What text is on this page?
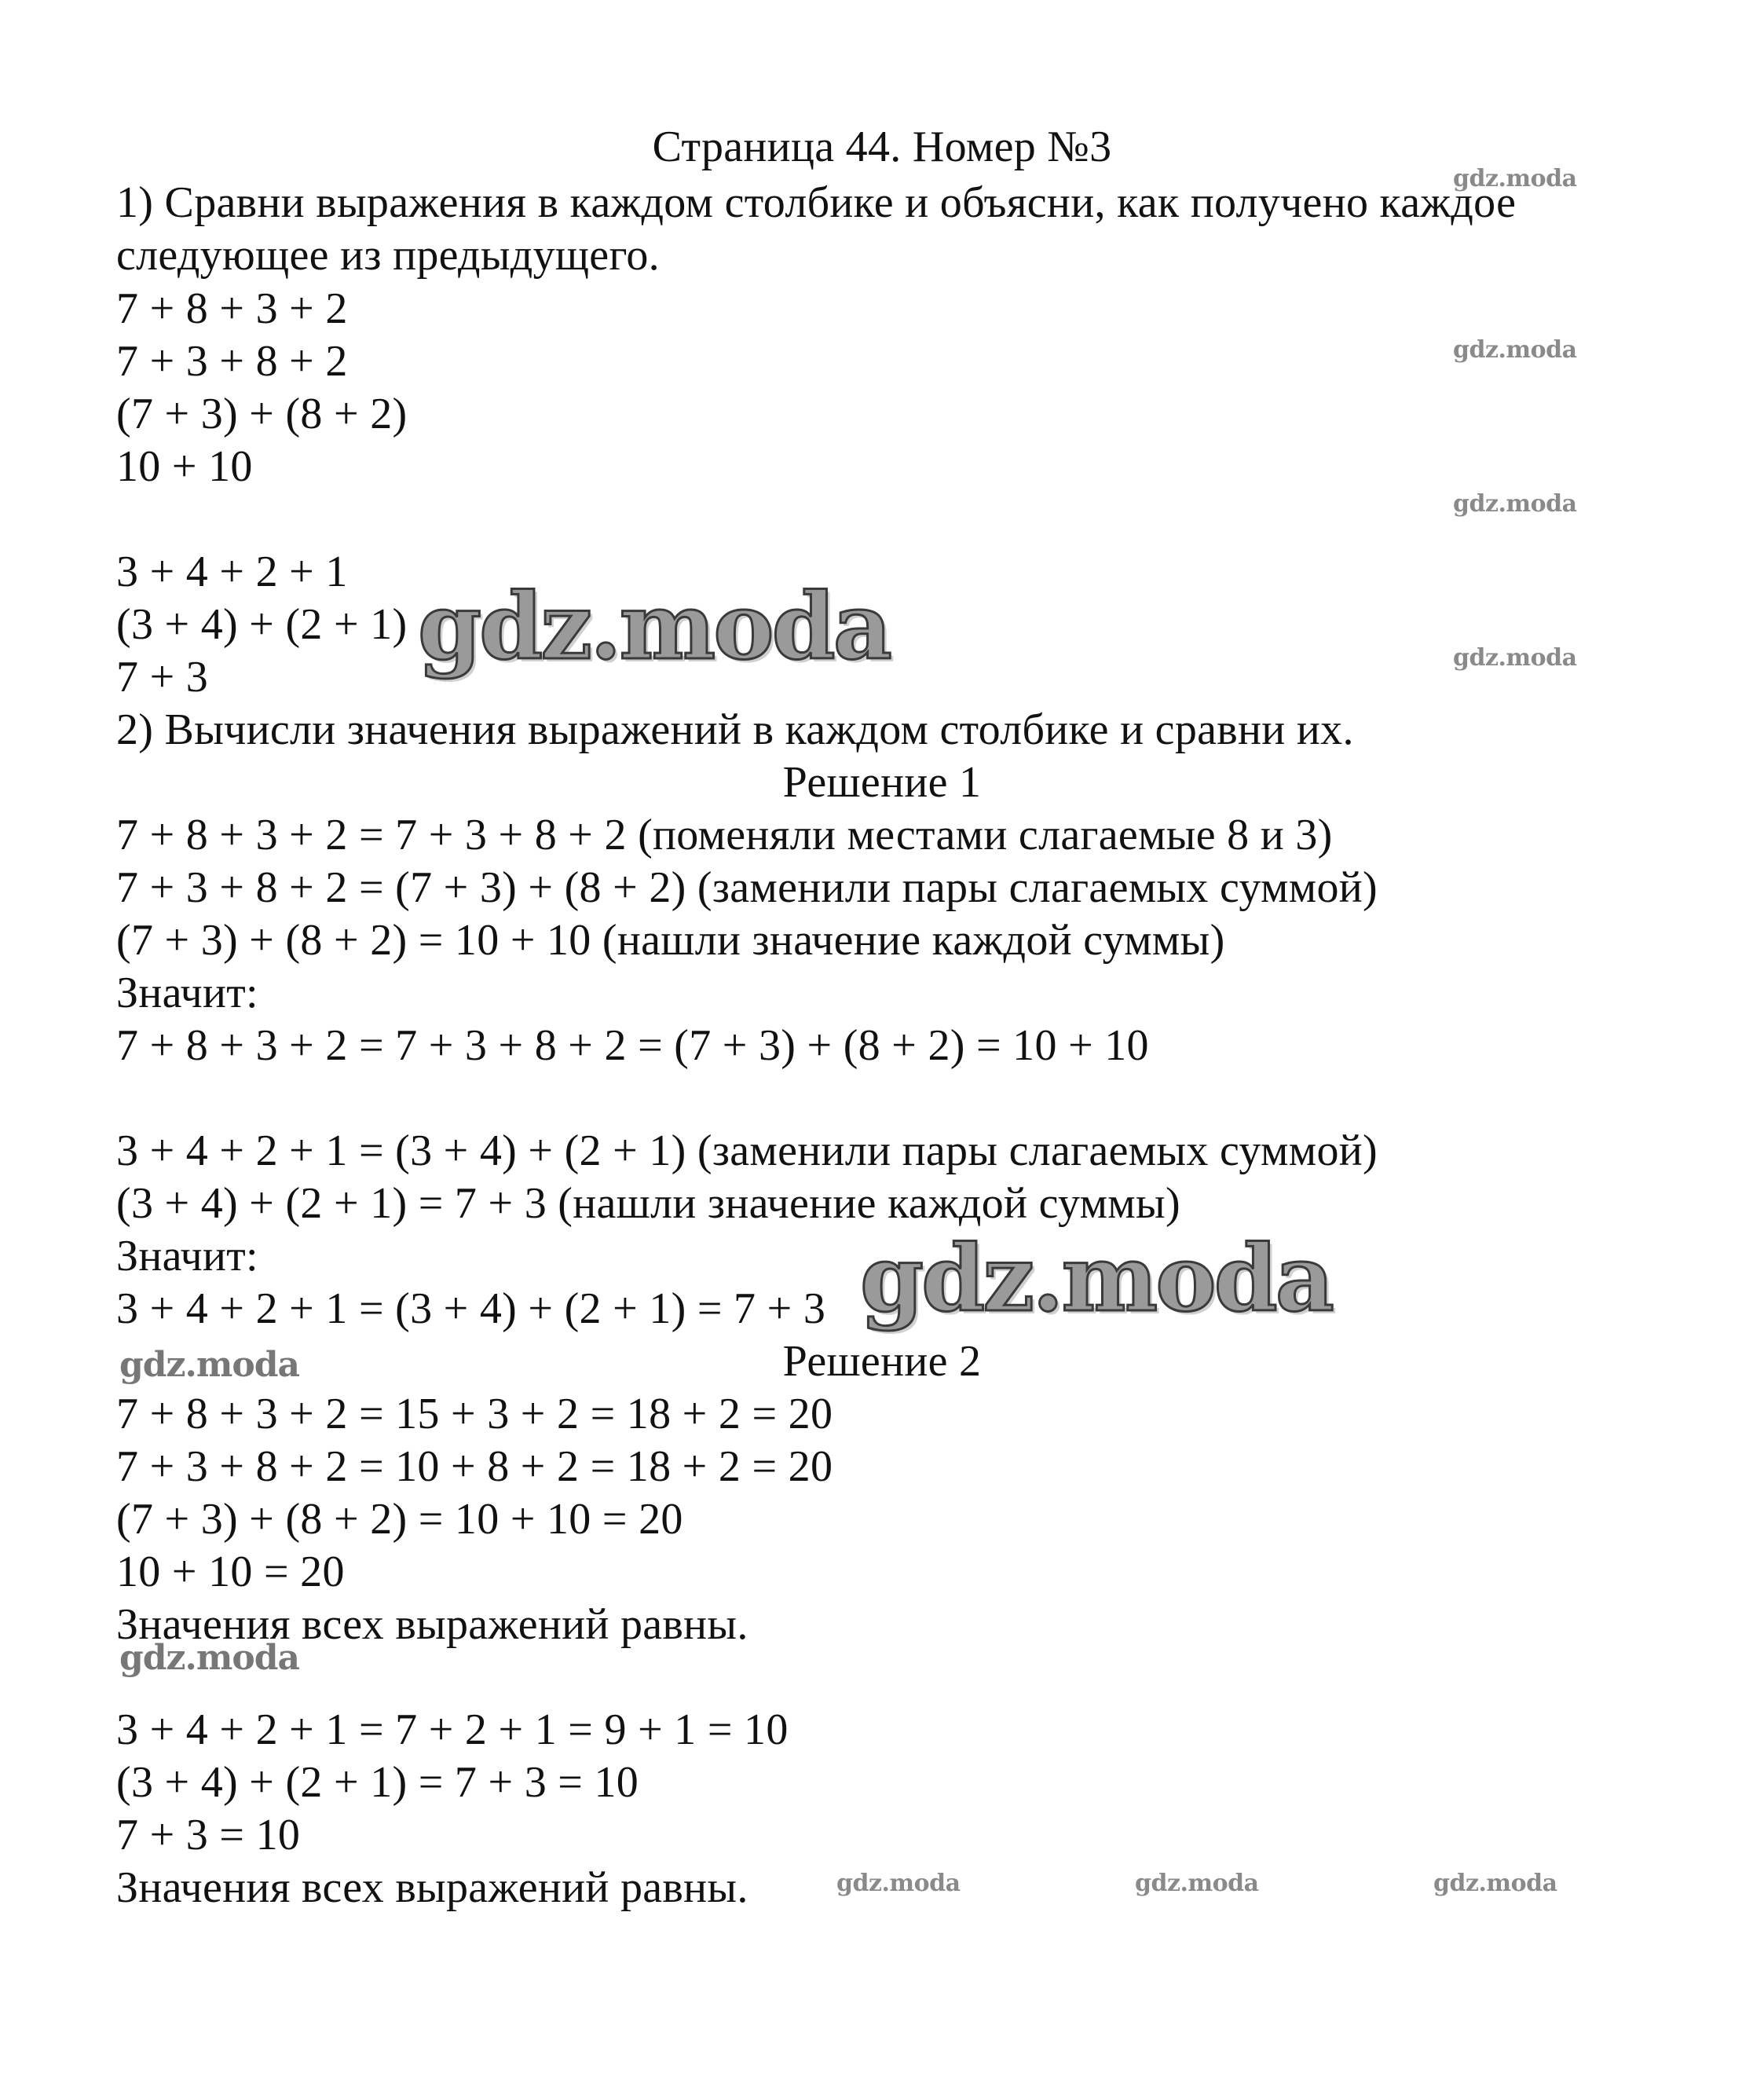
Страница 44. Номер №3
1) Сравни выражения в каждом столбике и объясни, как получено каждое
следующее из предыдущего.
7 + 8 + 3 + 2
7 + 3 + 8 + 2
(7 + 3) + (8 + 2)
10 + 10
3 + 4 + 2 + 1
(3 + 4) + (2 + 1)
7 + 3
2) Вычисли значения выражений в каждом столбике и сравни их.
Решение 1
7 + 8 + 3 + 2 = 7 + 3 + 8 + 2 (поменяли местами слагаемые 8 и 3)
7 + 3 + 8 + 2 = (7 + 3) + (8 + 2) (заменили пары слагаемых суммой)
(7 + 3) + (8 + 2) = 10 + 10 (нашли значение каждой суммы)
Значит:
7 + 8 + 3 + 2 = 7 + 3 + 8 + 2 = (7 + 3) + (8 + 2) = 10 + 10
3 + 4 + 2 + 1 = (3 + 4) + (2 + 1) (заменили пары слагаемых суммой)
(3 + 4) + (2 + 1) = 7 + 3 (нашли значение каждой суммы)
Значит:
3 + 4 + 2 + 1 = (3 + 4) + (2 + 1) = 7 + 3
Решение 2
7 + 8 + 3 + 2 = 15 + 3 + 2 = 18 + 2 = 20
7 + 3 + 8 + 2 = 10 + 8 + 2 = 18 + 2 = 20
(7 + 3) + (8 + 2) = 10 + 10 = 20
10 + 10 = 20
Значения всех выражений равны.
3 + 4 + 2 + 1 = 7 + 2 + 1 = 9 + 1 = 10
(3 + 4) + (2 + 1) = 7 + 3 = 10
7 + 3 = 10
Значения всех выражений равны.
gdz.moda
gdz.moda
gdz.moda
gdz.moda
gdz.moda
gdz.moda
gdz.moda
gdz.moda
gdz.moda	gdz.moda	gdz.moda
